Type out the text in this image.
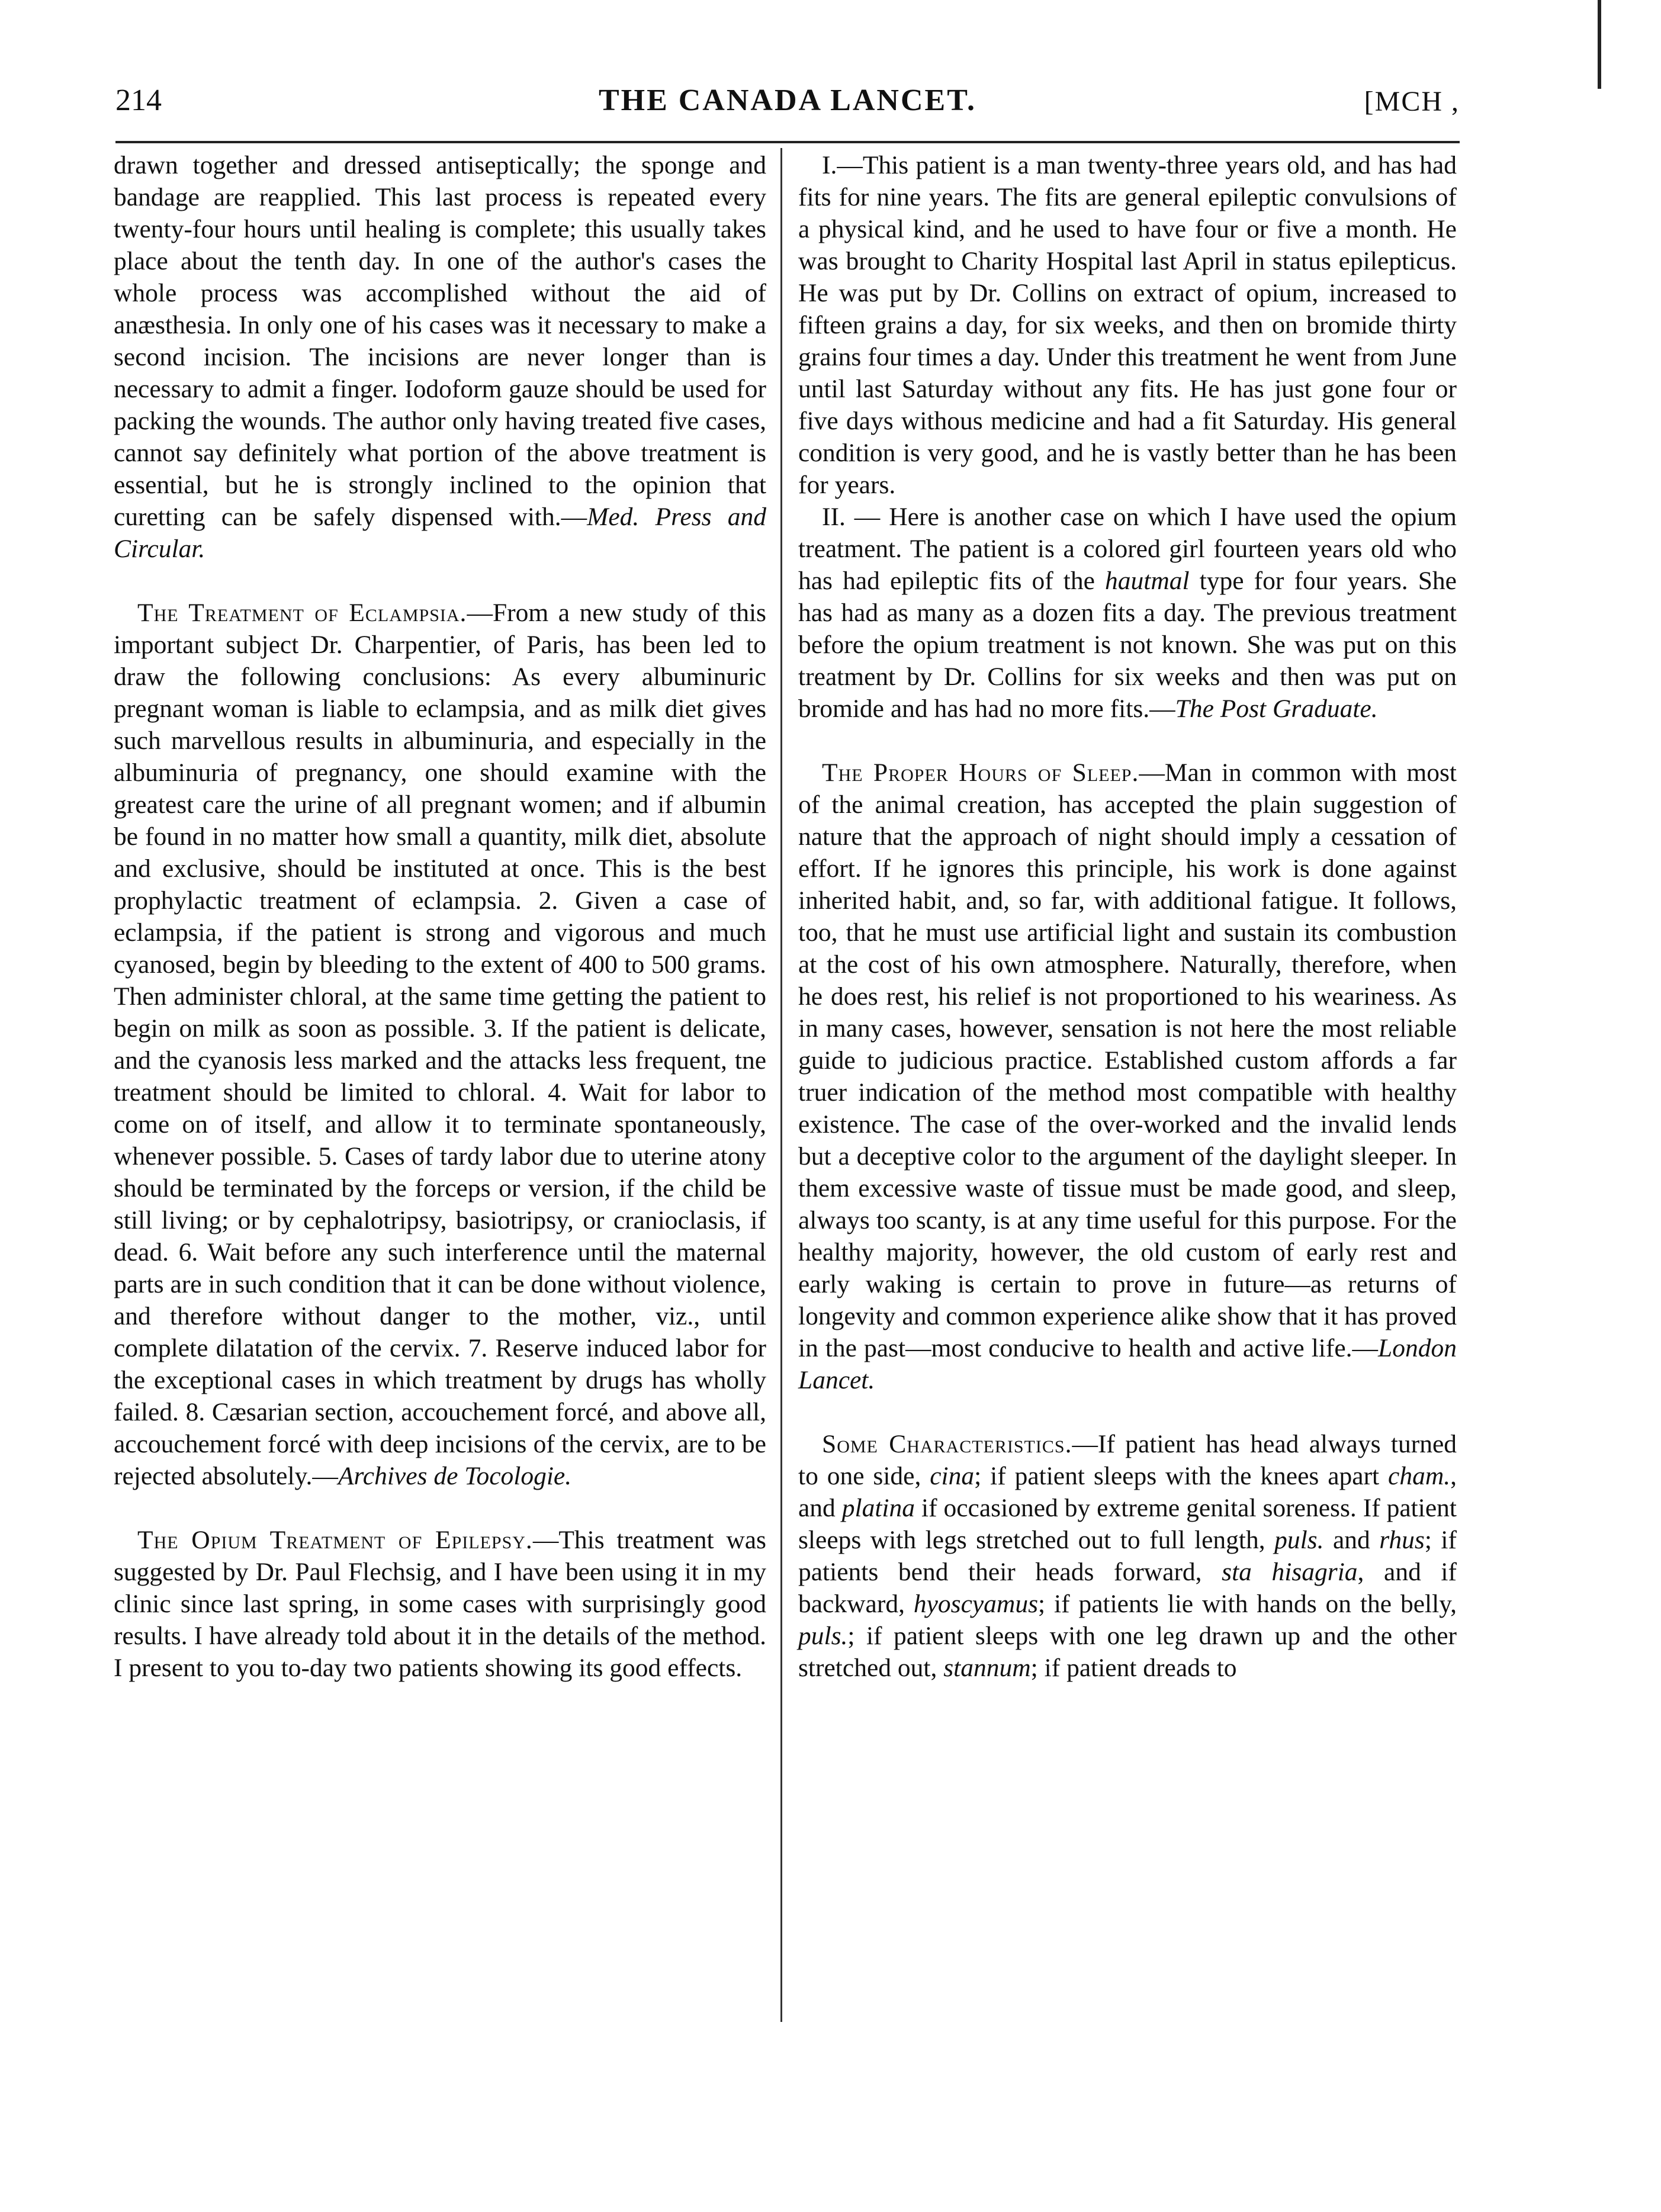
214	THE CANADA LANCET.	[MCH ,

drawn together and dressed antiseptically; the sponge and bandage are reapplied. This last process is repeated every twenty-four hours until healing is complete; this usually takes place about the tenth day. In one of the author's cases the whole process was accomplished without the aid of anæsthesia. In only one of his cases was it necessary to make a second incision. The incisions are never longer than is necessary to admit a finger. Iodoform gauze should be used for packing the wounds. The author only having treated five cases, cannot say definitely what portion of the above treatment is essential, but he is strongly inclined to the opinion that curetting can be safely dispensed with.—Med. Press and Circular.

The Treatment of Eclampsia.—From a new study of this important subject Dr. Charpentier, of Paris, has been led to draw the following conclusions: As every albuminuric pregnant woman is liable to eclampsia, and as milk diet gives such marvellous results in albuminuria, and especially in the albuminuria of pregnancy, one should examine with the greatest care the urine of all pregnant women; and if albumin be found in no matter how small a quantity, milk diet, absolute and exclusive, should be instituted at once. This is the best prophylactic treatment of eclampsia. 2. Given a case of eclampsia, if the patient is strong and vigorous and much cyanosed, begin by bleeding to the extent of 400 to 500 grams. Then administer chloral, at the same time getting the patient to begin on milk as soon as possible. 3. If the patient is delicate, and the cyanosis less marked and the attacks less frequent, tne treatment should be limited to chloral. 4. Wait for labor to come on of itself, and allow it to terminate spontaneously, whenever possible. 5. Cases of tardy labor due to uterine atony should be terminated by the forceps or version, if the child be still living; or by cephalotripsy, basiotripsy, or cranioclasis, if dead. 6. Wait before any such interference until the maternal parts are in such condition that it can be done without violence, and therefore without danger to the mother, viz., until complete dilatation of the cervix. 7. Reserve induced labor for the exceptional cases in which treatment by drugs has wholly failed. 8. Cæsarian section, accouchement forcé, and above all, accouchement forcé with deep incisions of the cervix, are to be rejected absolutely.—Archives de Tocologie.

The Opium Treatment of Epilepsy.—This treatment was suggested by Dr. Paul Flechsig, and I have been using it in my clinic since last spring, in some cases with surprisingly good results. I have already told about it in the details of the method. I present to you to-day two patients showing its good effects.

I.—This patient is a man twenty-three years old, and has had fits for nine years. The fits are general epileptic convulsions of a physical kind, and he used to have four or five a month. He was brought to Charity Hospital last April in status epilepticus. He was put by Dr. Collins on extract of opium, increased to fifteen grains a day, for six weeks, and then on bromide thirty grains four times a day. Under this treatment he went from June until last Saturday without any fits. He has just gone four or five days withous medicine and had a fit Saturday. His general condition is very good, and he is vastly better than he has been for years.

II. — Here is another case on which I have used the opium treatment. The patient is a colored girl fourteen years old who has had epileptic fits of the hautmal type for four years. She has had as many as a dozen fits a day. The previous treatment before the opium treatment is not known. She was put on this treatment by Dr. Collins for six weeks and then was put on bromide and has had no more fits.—The Post Graduate.

The Proper Hours of Sleep.—Man in common with most of the animal creation, has accepted the plain suggestion of nature that the approach of night should imply a cessation of effort. If he ignores this principle, his work is done against inherited habit, and, so far, with additional fatigue. It follows, too, that he must use artificial light and sustain its combustion at the cost of his own atmosphere. Naturally, therefore, when he does rest, his relief is not proportioned to his weariness. As in many cases, however, sensation is not here the most reliable guide to judicious practice. Established custom affords a far truer indication of the method most compatible with healthy existence. The case of the over-worked and the invalid lends but a deceptive color to the argument of the daylight sleeper. In them excessive waste of tissue must be made good, and sleep, always too scanty, is at any time useful for this purpose. For the healthy majority, however, the old custom of early rest and early waking is certain to prove in future—as returns of longevity and common experience alike show that it has proved in the past—most conducive to health and active life.—London Lancet.

Some Characteristics.—If patient has head always turned to one side, cina; if patient sleeps with the knees apart cham., and platina if occasioned by extreme genital soreness. If patient sleeps with legs stretched out to full length, puls. and rhus; if patients bend their heads forward, sta hisagria, and if backward, hyoscyamus; if patients lie with hands on the belly, puls.; if patient sleeps with one leg drawn up and the other stretched out, stannum; if patient dreads to
